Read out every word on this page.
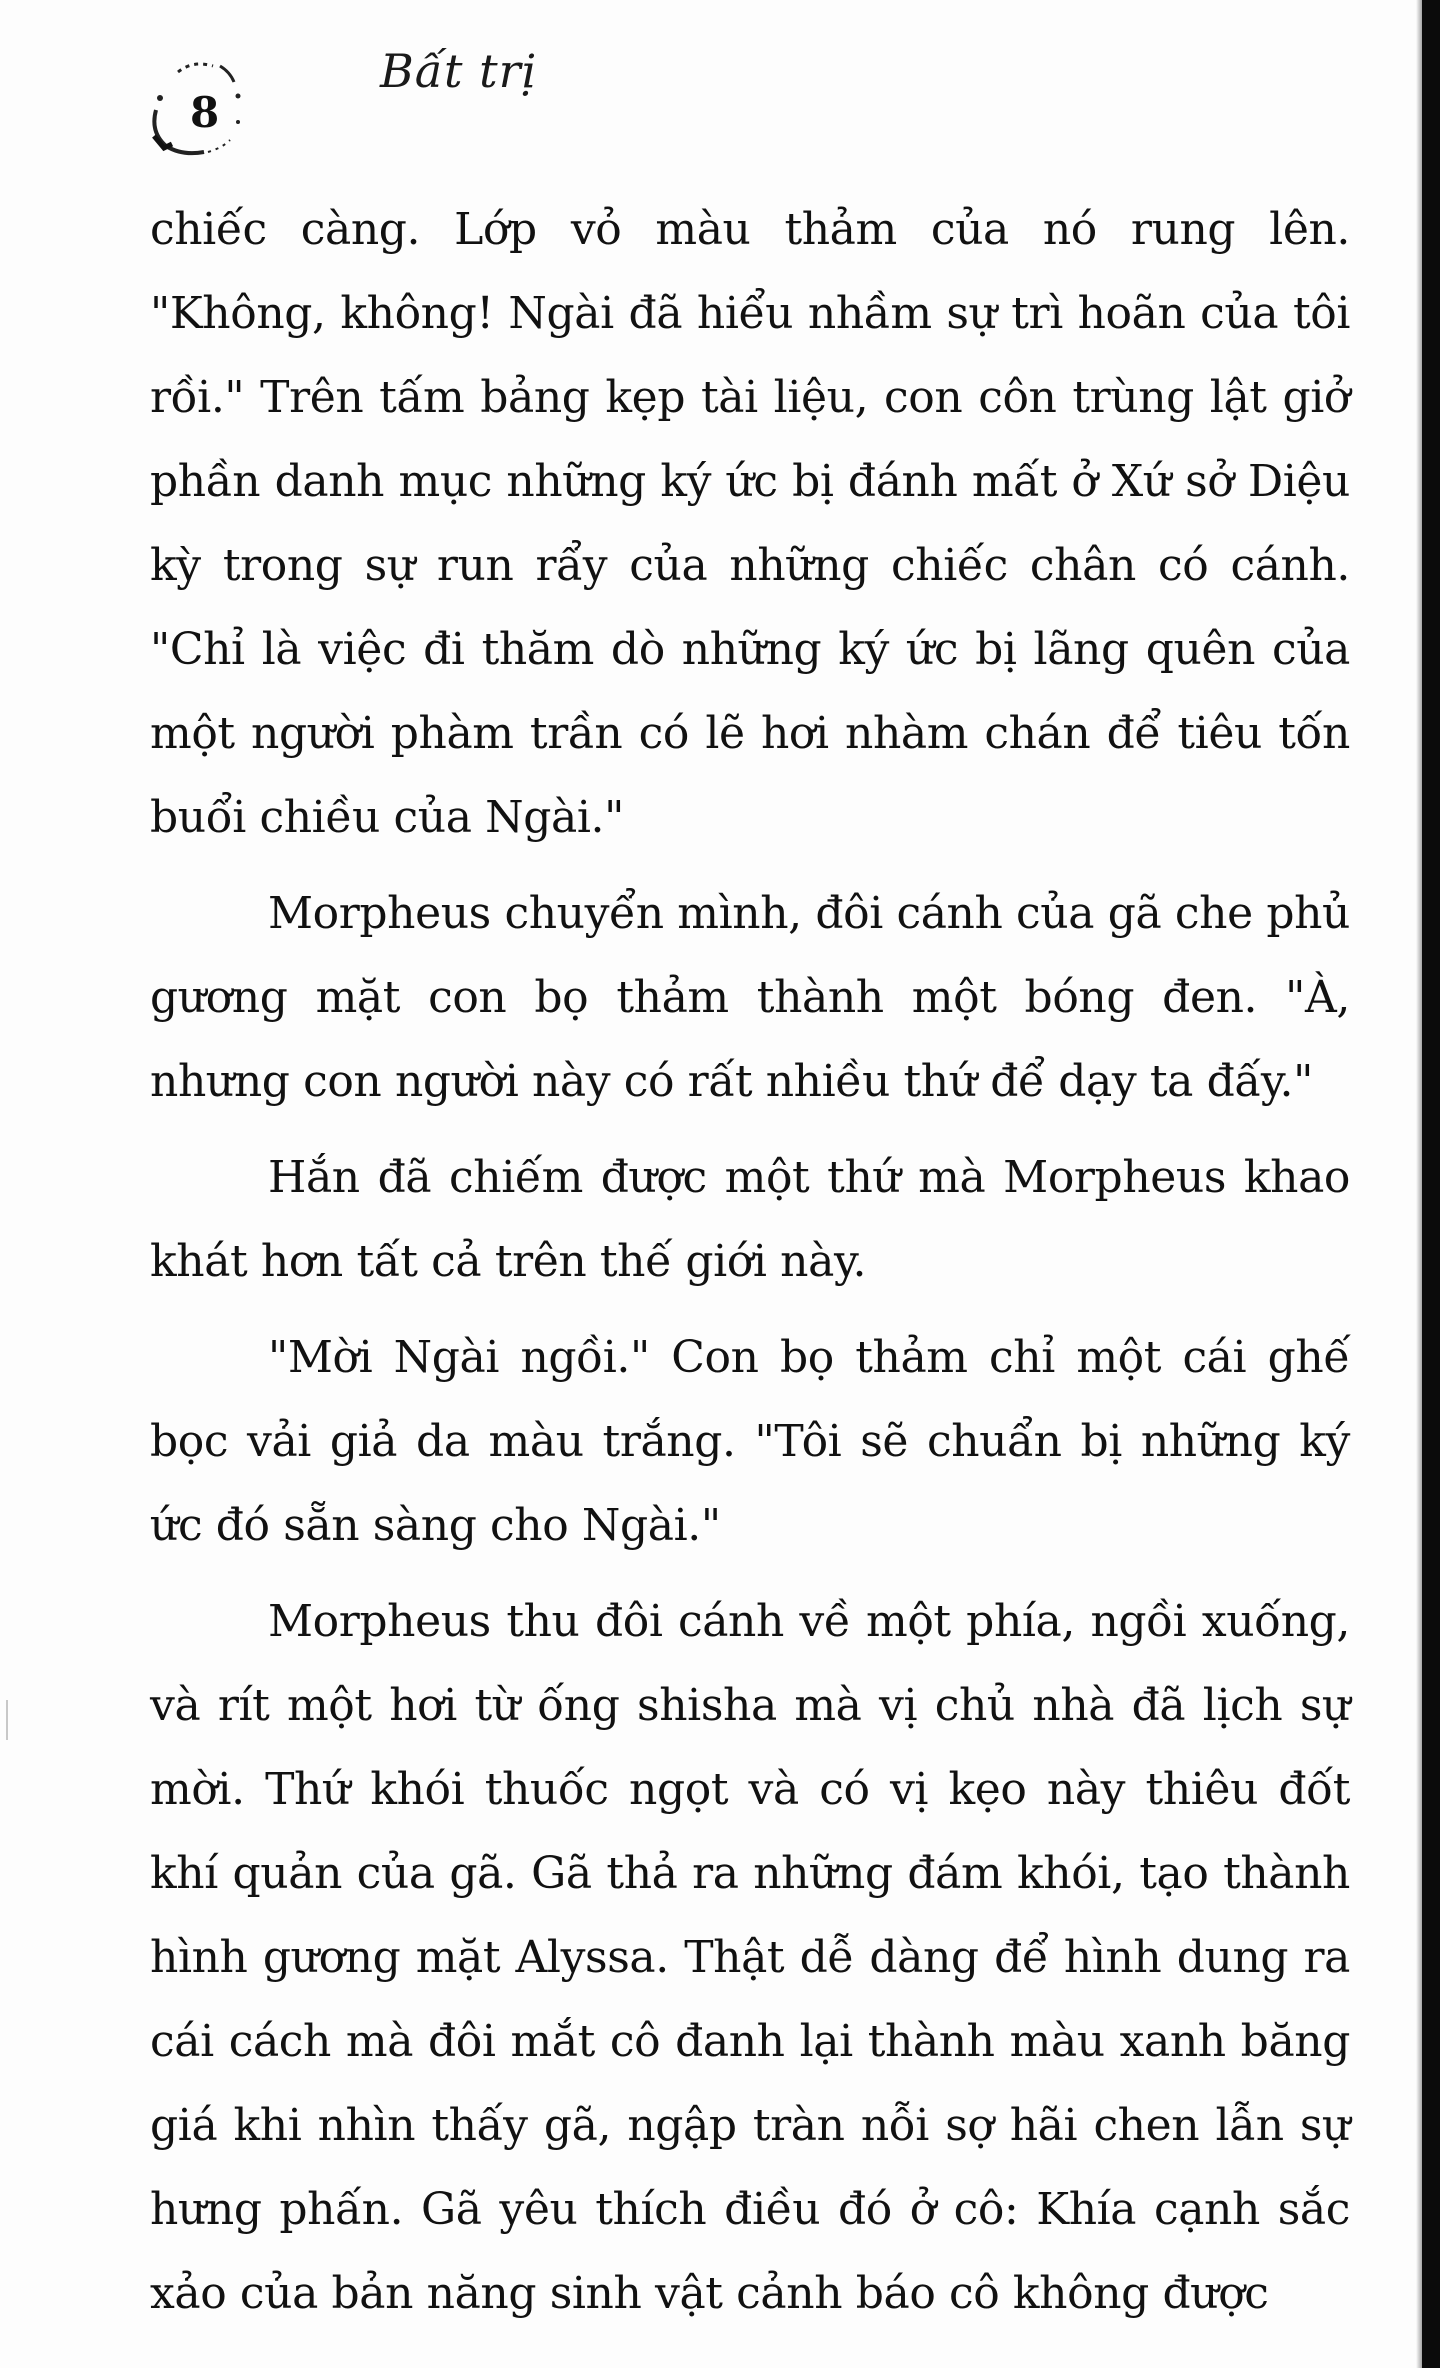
8
Bất trị

chiếc càng. Lớp vỏ màu thảm của nó rung lên. "Không, không! Ngài đã hiểu nhầm sự trì hoãn của tôi rồi." Trên tấm bảng kẹp tài liệu, con côn trùng lật giở phần danh mục những ký ức bị đánh mất ở Xứ sở Diệu kỳ trong sự run rẩy của những chiếc chân có cánh. "Chỉ là việc đi thăm dò những ký ức bị lãng quên của một người phàm trần có lẽ hơi nhàm chán để tiêu tốn buổi chiều của Ngài."

Morpheus chuyển mình, đôi cánh của gã che phủ gương mặt con bọ thảm thành một bóng đen. "À, nhưng con người này có rất nhiều thứ để dạy ta đấy."

Hắn đã chiếm được một thứ mà Morpheus khao khát hơn tất cả trên thế giới này.

"Mời Ngài ngồi." Con bọ thảm chỉ một cái ghế bọc vải giả da màu trắng. "Tôi sẽ chuẩn bị những ký ức đó sẵn sàng cho Ngài."

Morpheus thu đôi cánh về một phía, ngồi xuống, và rít một hơi từ ống shisha mà vị chủ nhà đã lịch sự mời. Thứ khói thuốc ngọt và có vị kẹo này thiêu đốt khí quản của gã. Gã thả ra những đám khói, tạo thành hình gương mặt Alyssa. Thật dễ dàng để hình dung ra cái cách mà đôi mắt cô đanh lại thành màu xanh băng giá khi nhìn thấy gã, ngập tràn nỗi sợ hãi chen lẫn sự hưng phấn. Gã yêu thích điều đó ở cô: Khía cạnh sắc xảo của bản năng sinh vật cảnh báo cô không được
